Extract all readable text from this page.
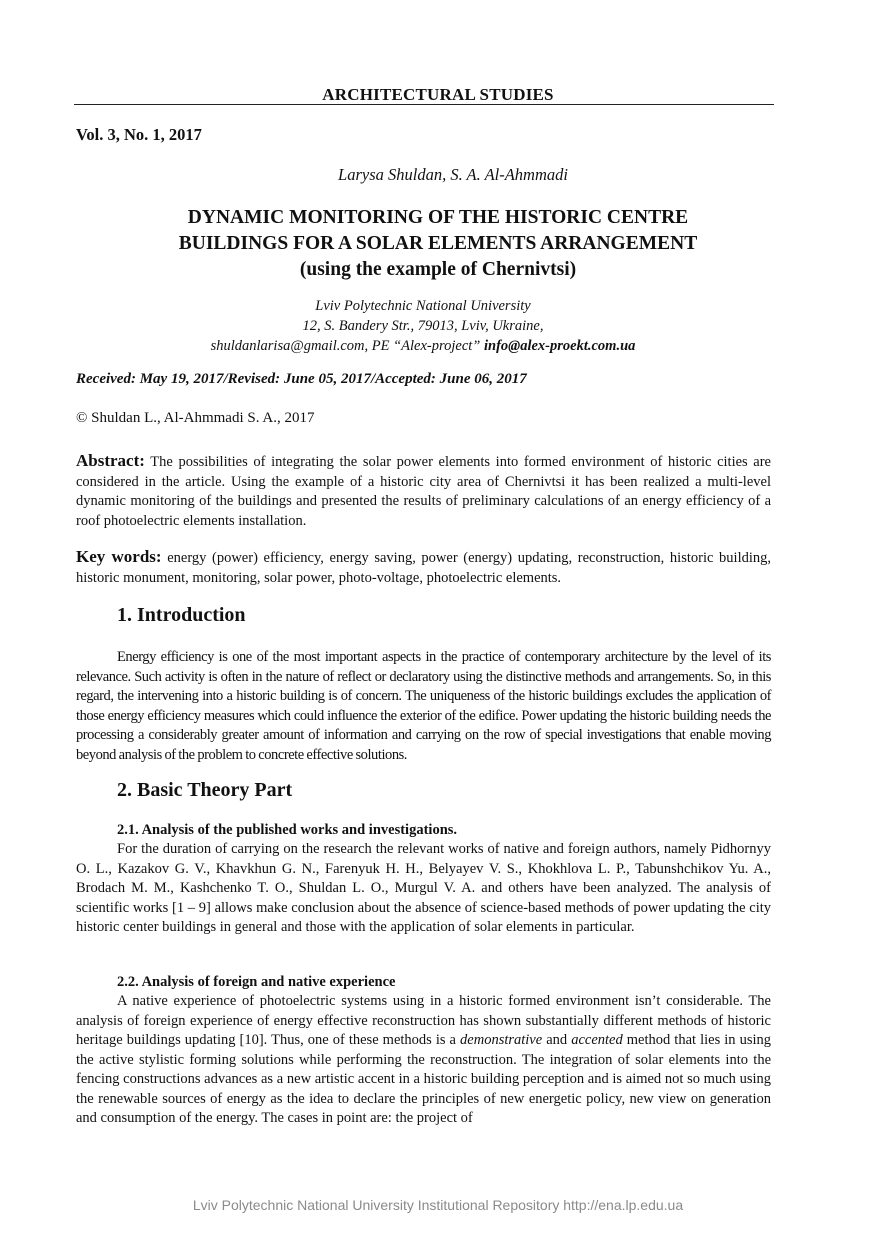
ARCHITECTURAL STUDIES
Vol. 3, No. 1, 2017
Larysa Shuldan, S. A. Al-Ahmmadi
DYNAMIC MONITORING OF THE HISTORIC CENTRE
BUILDINGS FOR A SOLAR ELEMENTS ARRANGEMENT
(using the example of Chernivtsi)
Lviv Polytechnic National University
12, S. Bandery Str., 79013, Lviv, Ukraine,
shuldanlarisa@gmail.com, PE “Alex-project” info@alex-proekt.com.ua
Received: May 19, 2017/Revised: June 05, 2017/Accepted: June 06, 2017
© Shuldan L., Al-Ahmmadi S. A., 2017
Abstract: The possibilities of integrating the solar power elements into formed environment of historic cities are considered in the article. Using the example of a historic city area of Chernivtsi it has been realized a multi-level dynamic monitoring of the buildings and presented the results of preliminary calculations of an energy efficiency of a roof photoelectric elements installation.
Key words: energy (power) efficiency, energy saving, power (energy) updating, reconstruction, historic building, historic monument, monitoring, solar power, photo-voltage, photoelectric elements.
1. Introduction
Energy efficiency is one of the most important aspects in the practice of contemporary architecture by the level of its relevance. Such activity is often in the nature of reflect or declaratory using the distinctive methods and arrangements. So, in this regard, the intervening into a historic building is of concern. The uniqueness of the historic buildings excludes the application of those energy efficiency measures which could influence the exterior of the edifice. Power updating the historic building needs the processing a considerably greater amount of information and carrying on the row of special investigations that enable moving beyond analysis of the problem to concrete effective solutions.
2. Basic Theory Part
2.1. Analysis of the published works and investigations.
For the duration of carrying on the research the relevant works of native and foreign authors, namely Pidhornyy O. L., Kazakov G. V., Khavkhun G. N., Farenyuk H. H., Belyayev V. S., Khokhlova L. P., Tabunshchikov Yu. A., Brodach M. M., Kashchenko T. O., Shuldan L. O., Murgul V. A. and others have been analyzed. The analysis of scientific works [1 – 9] allows make conclusion about the absence of science-based methods of power updating the city historic center buildings in general and those with the application of solar elements in particular.
2.2. Analysis of foreign and native experience
A native experience of photoelectric systems using in a historic formed environment isn’t considerable. The analysis of foreign experience of energy effective reconstruction has shown substantially different methods of historic heritage buildings updating [10]. Thus, one of these methods is a demonstrative and accented method that lies in using the active stylistic forming solutions while performing the reconstruction. The integration of solar elements into the fencing constructions advances as a new artistic accent in a historic building perception and is aimed not so much using the renewable sources of energy as the idea to declare the principles of new energetic policy, new view on generation and consumption of the energy. The cases in point are: the project of
Lviv Polytechnic National University Institutional Repository http://ena.lp.edu.ua
